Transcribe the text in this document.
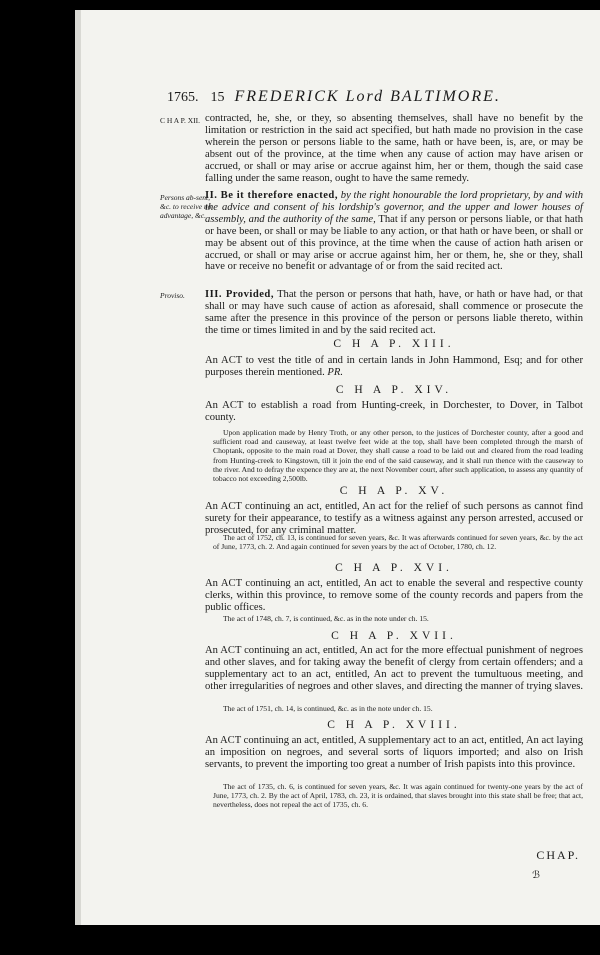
1765. 15 FREDERICK Lord BALTIMORE.
C H A P. XII.
Persons ab-sent, &c. to receive no advantage, &c.
Proviso.

contracted, he, she, or they, so absenting themselves, shall have no benefit by the limitation or restriction in the said act specified, but hath made no provision in the case wherein the person or persons liable to the same, hath or have been, is, are, or may be absent out of the province, at the time when any cause of action may have arisen or accrued, or shall or may arise or accrue against him, her or them, though the said case falling under the same reason, ought to have the same remedy.

II. Be it therefore enacted, by the right honourable the lord proprietary, by and with the advice and consent of his lordship's governor, and the upper and lower houses of assembly, and the authority of the same, That if any person or persons liable, or that hath or have been, or shall or may be liable to any action, or that hath or have been, or shall or may be absent out of this province, at the time when the cause of action hath arisen or accrued, or shall or may arise or accrue against him, her or them, he, she or they, shall have or receive no benefit or advantage of or from the said recited act.

III. Provided, That the person or persons that hath, have, or hath or have had, or that shall or may have such cause of action as aforesaid, shall commence or prosecute the same after the presence in this province of the person or persons liable thereto, within the time or times limited in and by the said recited act.

C H A P. XIII.

An ACT to vest the title of and in certain lands in John Hammond, Esq; and for other purposes therein mentioned. PR.

C H A P. XIV.
An ACT to establish a road from Hunting-creek, in Dorchester, to Dover, in Talbot county.

Upon application made by Henry Troth, or any other person, to the justices of Dorchester county, after a good and sufficient road and causeway, at least twelve feet wide at the top, shall have been completed through the marsh of Choptank, opposite to the main road at Dover, they shall cause a road to be laid out and cleared from the road leading from Hunting-creek to Kingstown, till it join the end of the said causeway, and it shall run thence with the causeway to the river. And to defray the expence they are at, the next November court, after such application, to assess any quantity of tobacco not exceeding 2,500lb.

C H A P. XV.
An ACT continuing an act, entitled, An act for the relief of such persons as cannot find surety for their appearance, to testify as a witness against any person arrested, accused or prosecuted, for any criminal matter.

The act of 1752, ch. 13, is continued for seven years, &c. It was afterwards continued for seven years, &c. by the act of June, 1773, ch. 2. And again continued for seven years by the act of October, 1780, ch. 12.

C H A P. XVI.
An ACT continuing an act, entitled, An act to enable the several and respective county clerks, within this province, to remove some of the county records and papers from the public offices.

The act of 1748, ch. 7, is continued, &c. as in the note under ch. 15.

C H A P. XVII.
An ACT continuing an act, entitled, An act for the more effectual punishment of negroes and other slaves, and for taking away the benefit of clergy from certain offenders; and a supplementary act to an act, entitled, An act to prevent the tumultuous meeting, and other irregularities of negroes and other slaves, and directing the manner of trying slaves.

The act of 1751, ch. 14, is continued, &c. as in the note under ch. 15.

C H A P. XVIII.
An ACT continuing an act, entitled, A supplementary act to an act, entitled, An act laying an imposition on negroes, and several sorts of liquors imported; and also on Irish servants, to prevent the importing too great a number of Irish papists into this province.

The act of 1735, ch. 6, is continued for seven years, &c. It was again continued for twenty-one years by the act of June, 1773, ch. 2. By the act of April, 1783, ch. 23, it is ordained, that slaves brought into this state shall be free; that act, nevertheless, does not repeal the act of 1735, ch. 6.

CHAP.
ℬ
